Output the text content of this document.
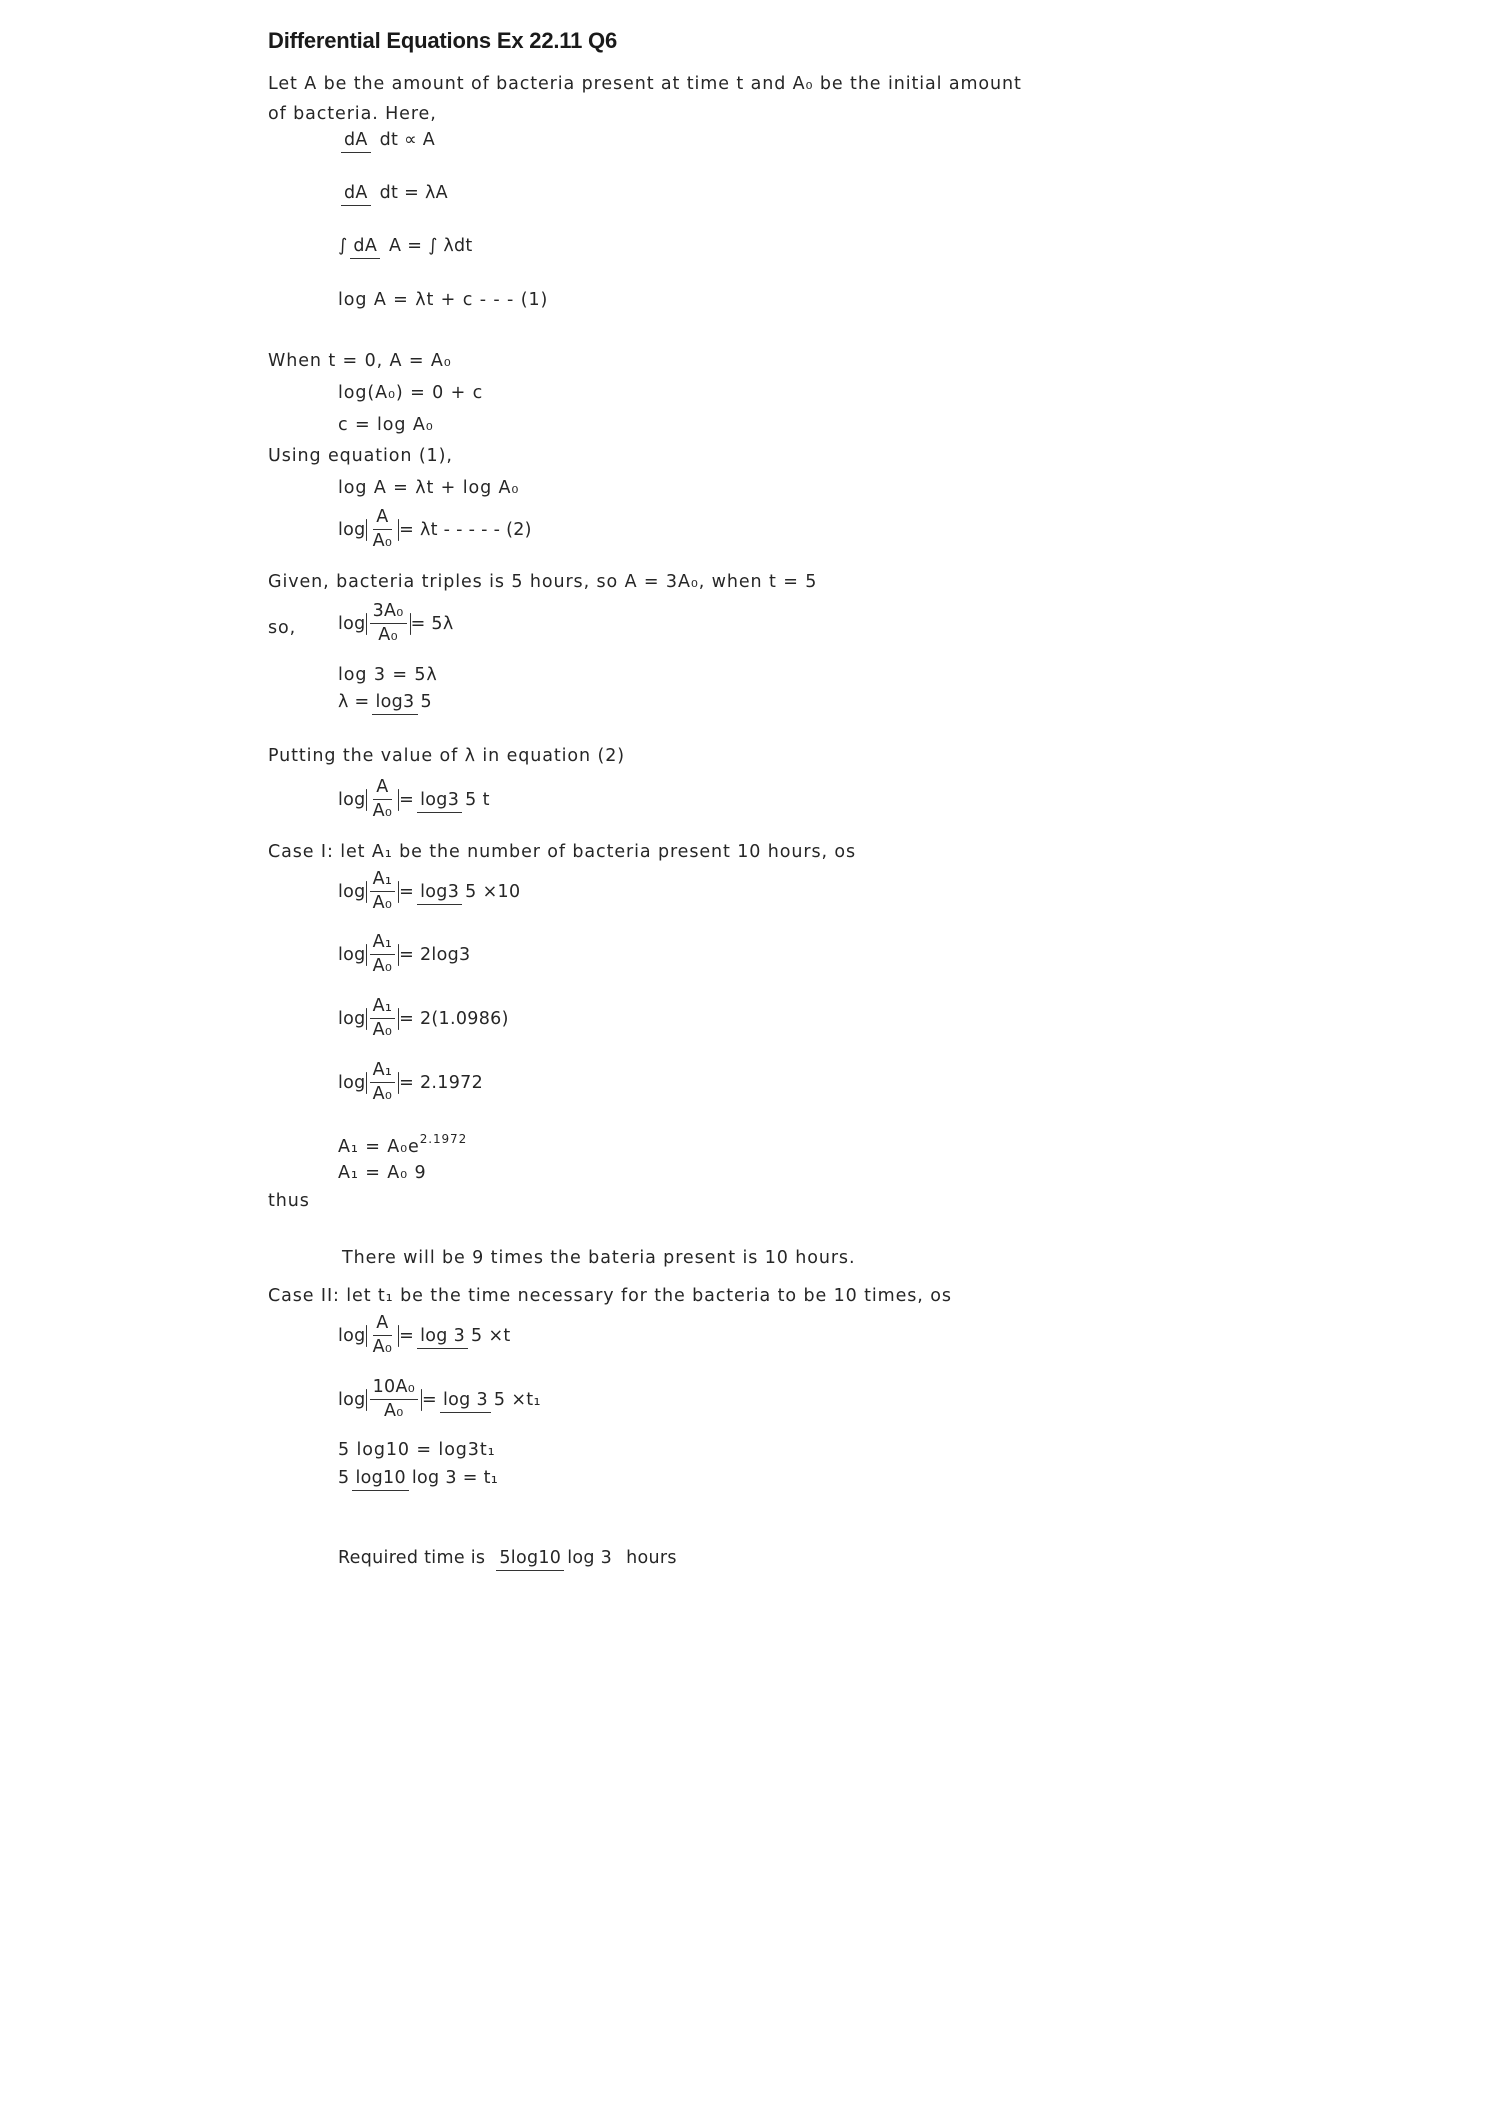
Differential Equations Ex 22.11 Q6
Let A be the amount of bacteria present at time t and A₀ be the initial amount
of bacteria. Here,
dA dt ∝ A
dA dt = λA
∫ dA A = ∫ λdt
log A = λt + c - - - (1)
When t = 0, A = A₀
log(A₀) = 0 + c
c = log A₀
Using equation (1),
log A = λt + log A₀
$\log \frac{A}{\text{A₀}} = \lambda t$ - - - - - (2)
Given, bacteria triples is 5 hours, so A = 3A₀, when t = 5
so, $\log \frac{\text{3A₀}}{\text{A₀}} = 5\lambda$
log 3 = 5λ
λ = log3 5
Putting the value of λ in equation (2)
$\log \frac{A}{\text{A₀}} = \log 3$ 5 t
Case I: let A₁ be the number of bacteria present 10 hours, os
$\log \frac{\text{A₁}}{\text{A₀}} = \log 3$ 5 ×10
$\log \frac{\text{A₁}}{\text{A₀}} = 2\log 3$
$\log \frac{\text{A₁}}{\text{A₀}} = 2(1.0986)$
$\log \frac{\text{A₁}}{\text{A₀}} = 2.1972$
$A_1 = A_0e^{2.1972}$
A₁ = A₀ 9
thus
There will be 9 times the bateria present is 10 hours.
Case II: let t₁ be the time necessary for the bacteria to be 10 times, os
$\log \frac{A}{\text{A₀}} = \log 3$ 5 ×t
$\log \frac{\text{10A₀}}{\text{A₀}} = \log 3$ 5 ×t₁
5 log10 = log3t₁
5 log10 log 3 = t₁
Required time is 5log10 log 3 hours
